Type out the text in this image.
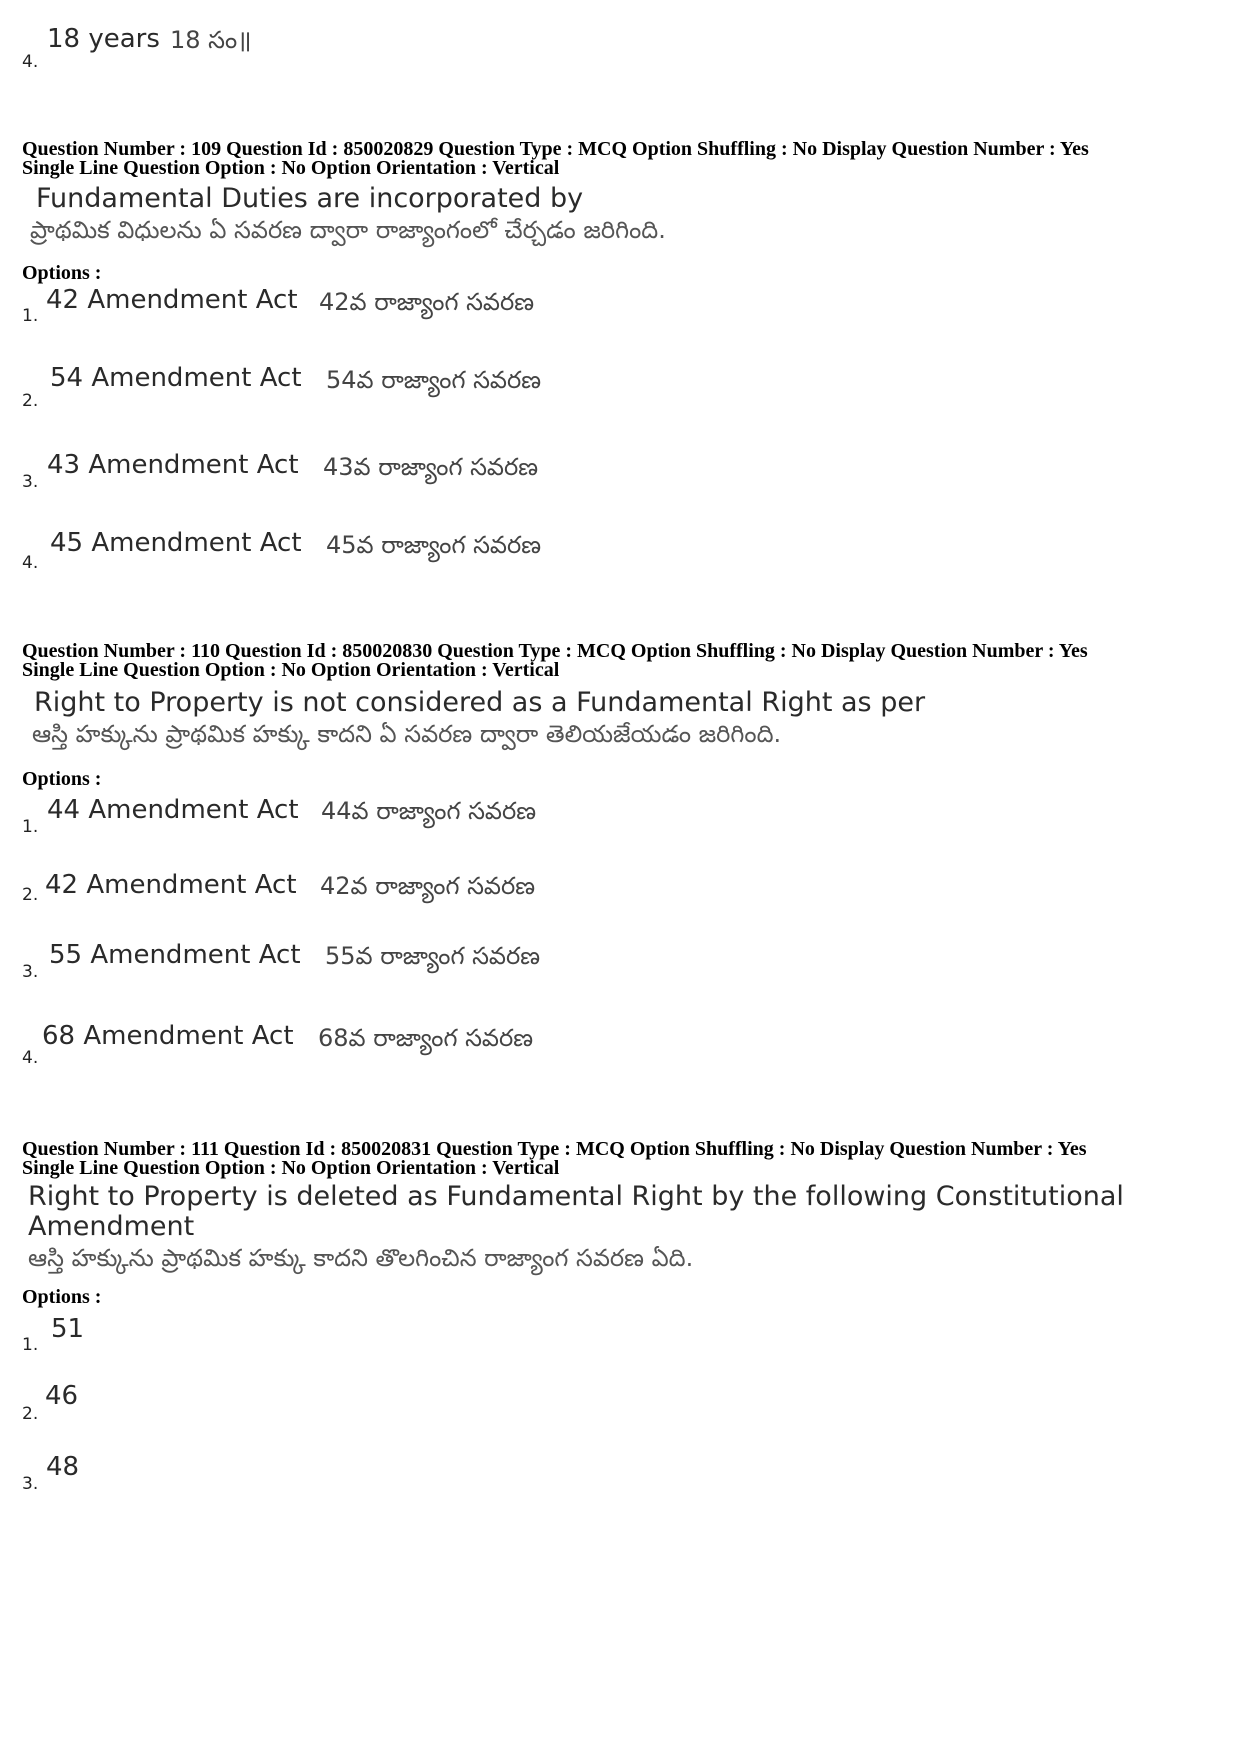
4.
18 years 18 సం॥
Question Number : 109 Question Id : 850020829 Question Type : MCQ Option Shuffling : No Display Question Number : Yes
Single Line Question Option : No Option Orientation : Vertical
Fundamental Duties are incorporated by
ప్రాథమిక విధులను ఏ సవరణ ద్వారా రాజ్యాంగంలో చేర్చడం జరిగింది.
Options :
1.
42 Amendment Act 42వ రాజ్యాంగ సవరణ
2.
54 Amendment Act 54వ రాజ్యాంగ సవరణ
3.
43 Amendment Act 43వ రాజ్యాంగ సవరణ
4.
45 Amendment Act 45వ రాజ్యాంగ సవరణ
Question Number : 110 Question Id : 850020830 Question Type : MCQ Option Shuffling : No Display Question Number : Yes
Single Line Question Option : No Option Orientation : Vertical
Right to Property is not considered as a Fundamental Right as per
ఆస్తి హక్కును ప్రాథమిక హక్కు కాదని ఏ సవరణ ద్వారా తెలియజేయడం జరిగింది.
Options :
1.
44 Amendment Act 44వ రాజ్యాంగ సవరణ
2. 42 Amendment Act 42వ రాజ్యాంగ సవరణ
3.
55 Amendment Act 55వ రాజ్యాంగ సవరణ
4.
68 Amendment Act 68వ రాజ్యాంగ సవరణ
Question Number : 111 Question Id : 850020831 Question Type : MCQ Option Shuffling : No Display Question Number : Yes
Single Line Question Option : No Option Orientation : Vertical
Right to Property is deleted as Fundamental Right by the following Constitutional
Amendment
ఆస్తి హక్కును ప్రాథమిక హక్కు కాదని తొలగించిన రాజ్యాంగ సవరణ ఏది.
Options :
1.
51
2.
46
3.
48
